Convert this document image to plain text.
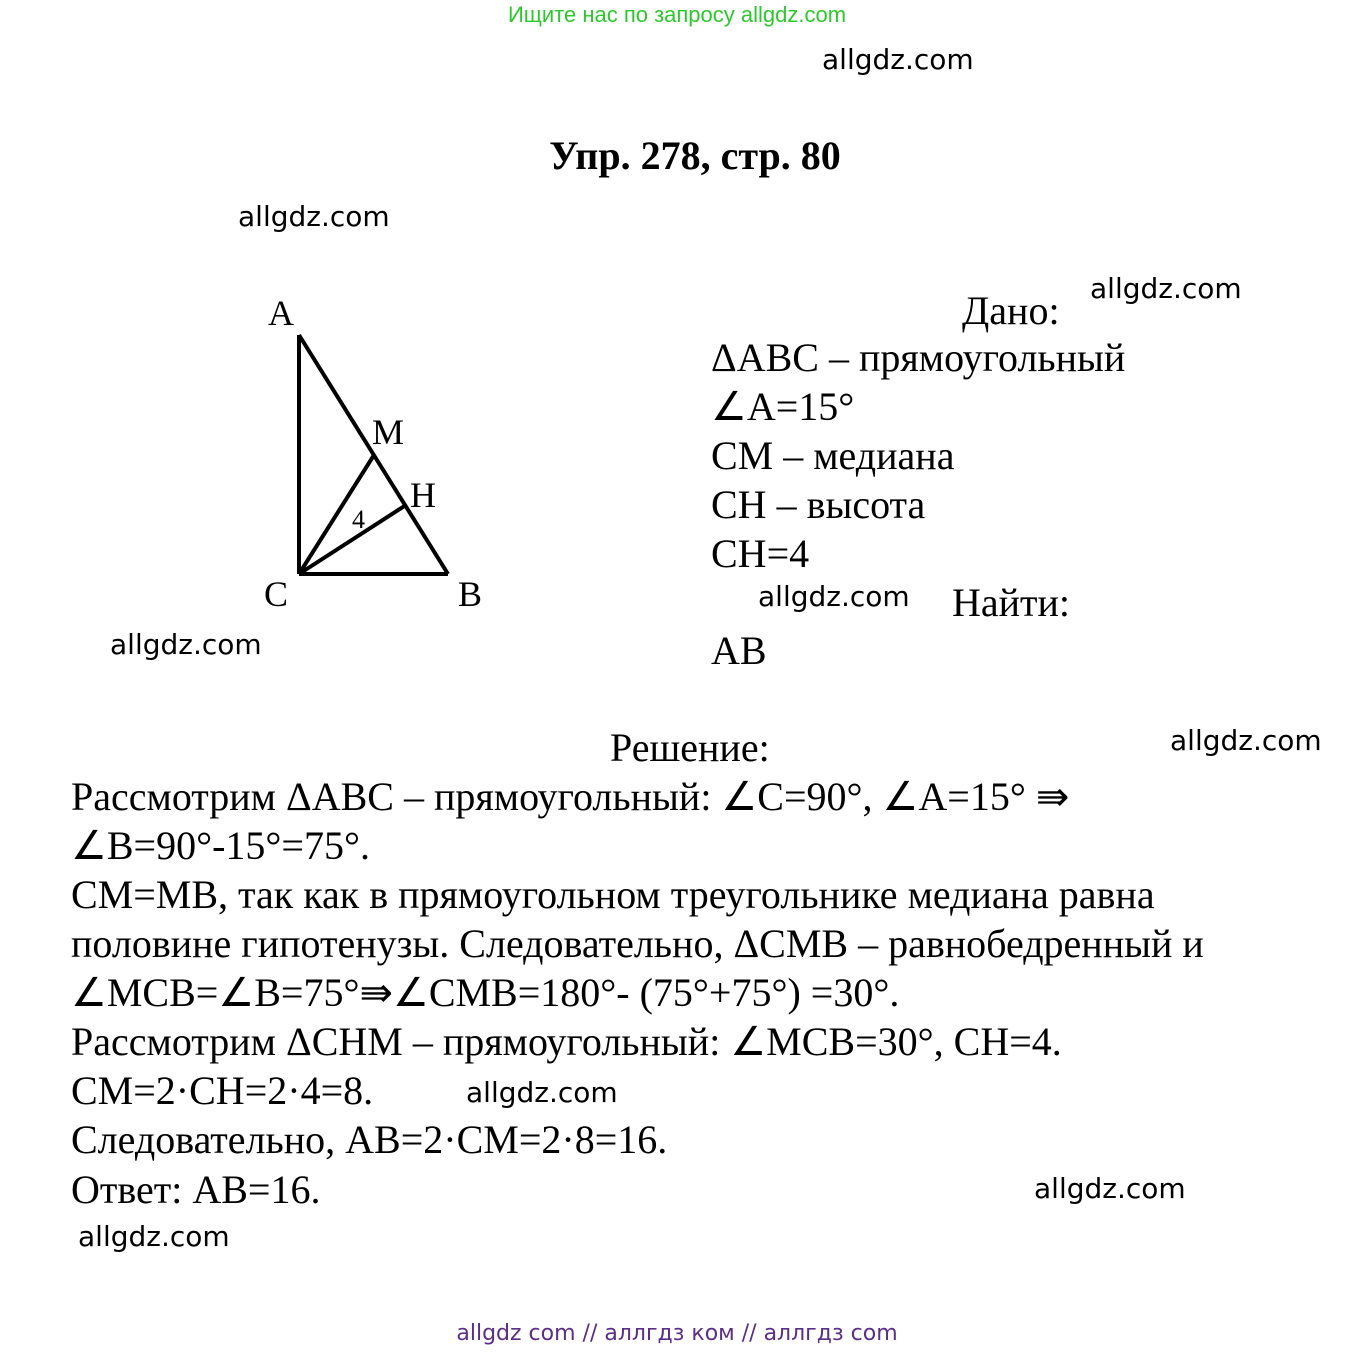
Ищите нас по запросу allgdz.com
allgdz.com
Упр. 278, стр. 80
allgdz.com
allgdz.com
A
M
H
C	B
4
Дано:
ΔABC – прямоугольный
∠A=15°
CM – медиана
CH – высота
CH=4
allgdz.com Найти:
AB
allgdz.com
Решение:	allgdz.com
Рассмотрим ΔABC – прямоугольный: ∠C=90°, ∠A=15° ⇛
∠B=90°-15°=75°.
CM=MB, так как в прямоугольном треугольнике медиана равна
половине гипотенузы. Следовательно, ΔCMB – равнобедренный и
∠MCB=∠B=75°⇛∠CMB=180°- (75°+75°) =30°.
Рассмотрим ΔCHM – прямоугольный: ∠MCB=30°, CH=4.
CM=2·CH=2·4=8.
Следовательно, AB=2·CM=2·8=16.
allgdz.com
Ответ: AB=16.	allgdz.com
allgdz.com
allgdz com // аллгдз ком // аллгдз com
